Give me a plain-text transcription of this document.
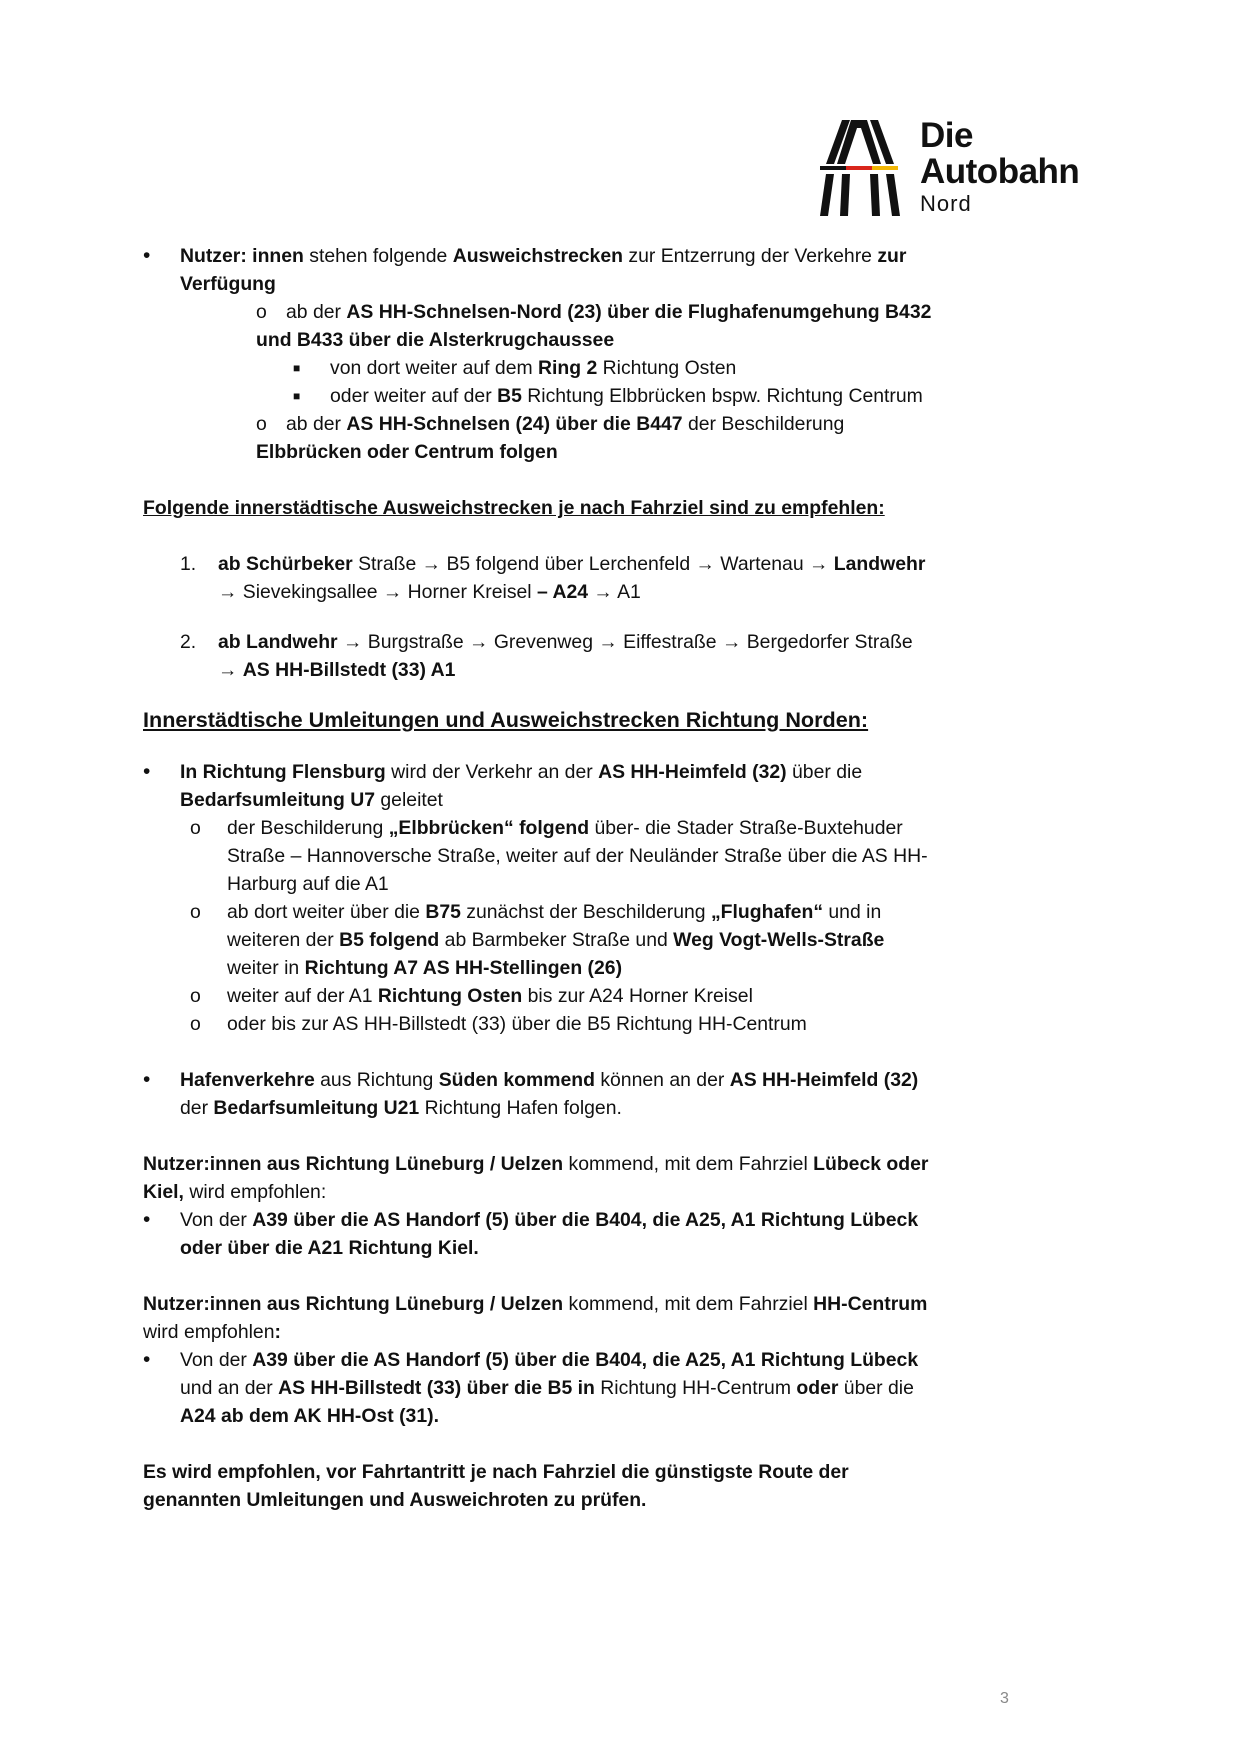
Die
Autobahn
Nord
• Nutzer: innen stehen folgende Ausweichstrecken zur Entzerrung der Verkehre zur Verfügung
o ab der AS HH-Schnelsen-Nord (23) über die Flughafenumgehung B432 und B433 über die Alsterkrugchaussee
■ von dort weiter auf dem Ring 2 Richtung Osten
■ oder weiter auf der B5 Richtung Elbbrücken bspw. Richtung Centrum
o ab der AS HH-Schnelsen (24) über die B447 der Beschilderung Elbbrücken oder Centrum folgen
Folgende innerstädtische Ausweichstrecken je nach Fahrziel sind zu empfehlen:
1. ab Schürbeker Straße → B5 folgend über Lerchenfeld → Wartenau → Landwehr → Sievekingsallee → Horner Kreisel – A24 → A1
2. ab Landwehr → Burgstraße → Grevenweg → Eiffestraße → Bergedorfer Straße → AS HH-Billstedt (33) A1
Innerstädtische Umleitungen und Ausweichstrecken Richtung Norden:
• In Richtung Flensburg wird der Verkehr an der AS HH-Heimfeld (32) über die Bedarfsumleitung U7 geleitet
o der Beschilderung „Elbbrücken“ folgend über- die Stader Straße-Buxtehuder Straße – Hannoversche Straße, weiter auf der Neuländer Straße über die AS HH-Harburg auf die A1
o ab dort weiter über die B75 zunächst der Beschilderung „Flughafen“ und in weiteren der B5 folgend ab Barmbeker Straße und Weg Vogt-Wells-Straße weiter in Richtung A7 AS HH-Stellingen (26)
o weiter auf der A1 Richtung Osten bis zur A24 Horner Kreisel
o oder bis zur AS HH-Billstedt (33) über die B5 Richtung HH-Centrum
• Hafenverkehre aus Richtung Süden kommend können an der AS HH-Heimfeld (32) der Bedarfsumleitung U21 Richtung Hafen folgen.
Nutzer:innen aus Richtung Lüneburg / Uelzen kommend, mit dem Fahrziel Lübeck oder Kiel, wird empfohlen:
• Von der A39 über die AS Handorf (5) über die B404, die A25, A1 Richtung Lübeck oder über die A21 Richtung Kiel.
Nutzer:innen aus Richtung Lüneburg / Uelzen kommend, mit dem Fahrziel HH-Centrum wird empfohlen:
• Von der A39 über die AS Handorf (5) über die B404, die A25, A1 Richtung Lübeck und an der AS HH-Billstedt (33) über die B5 in Richtung HH-Centrum oder über die A24 ab dem AK HH-Ost (31).
Es wird empfohlen, vor Fahrtantritt je nach Fahrziel die günstigste Route der genannten Umleitungen und Ausweichroten zu prüfen.
3
